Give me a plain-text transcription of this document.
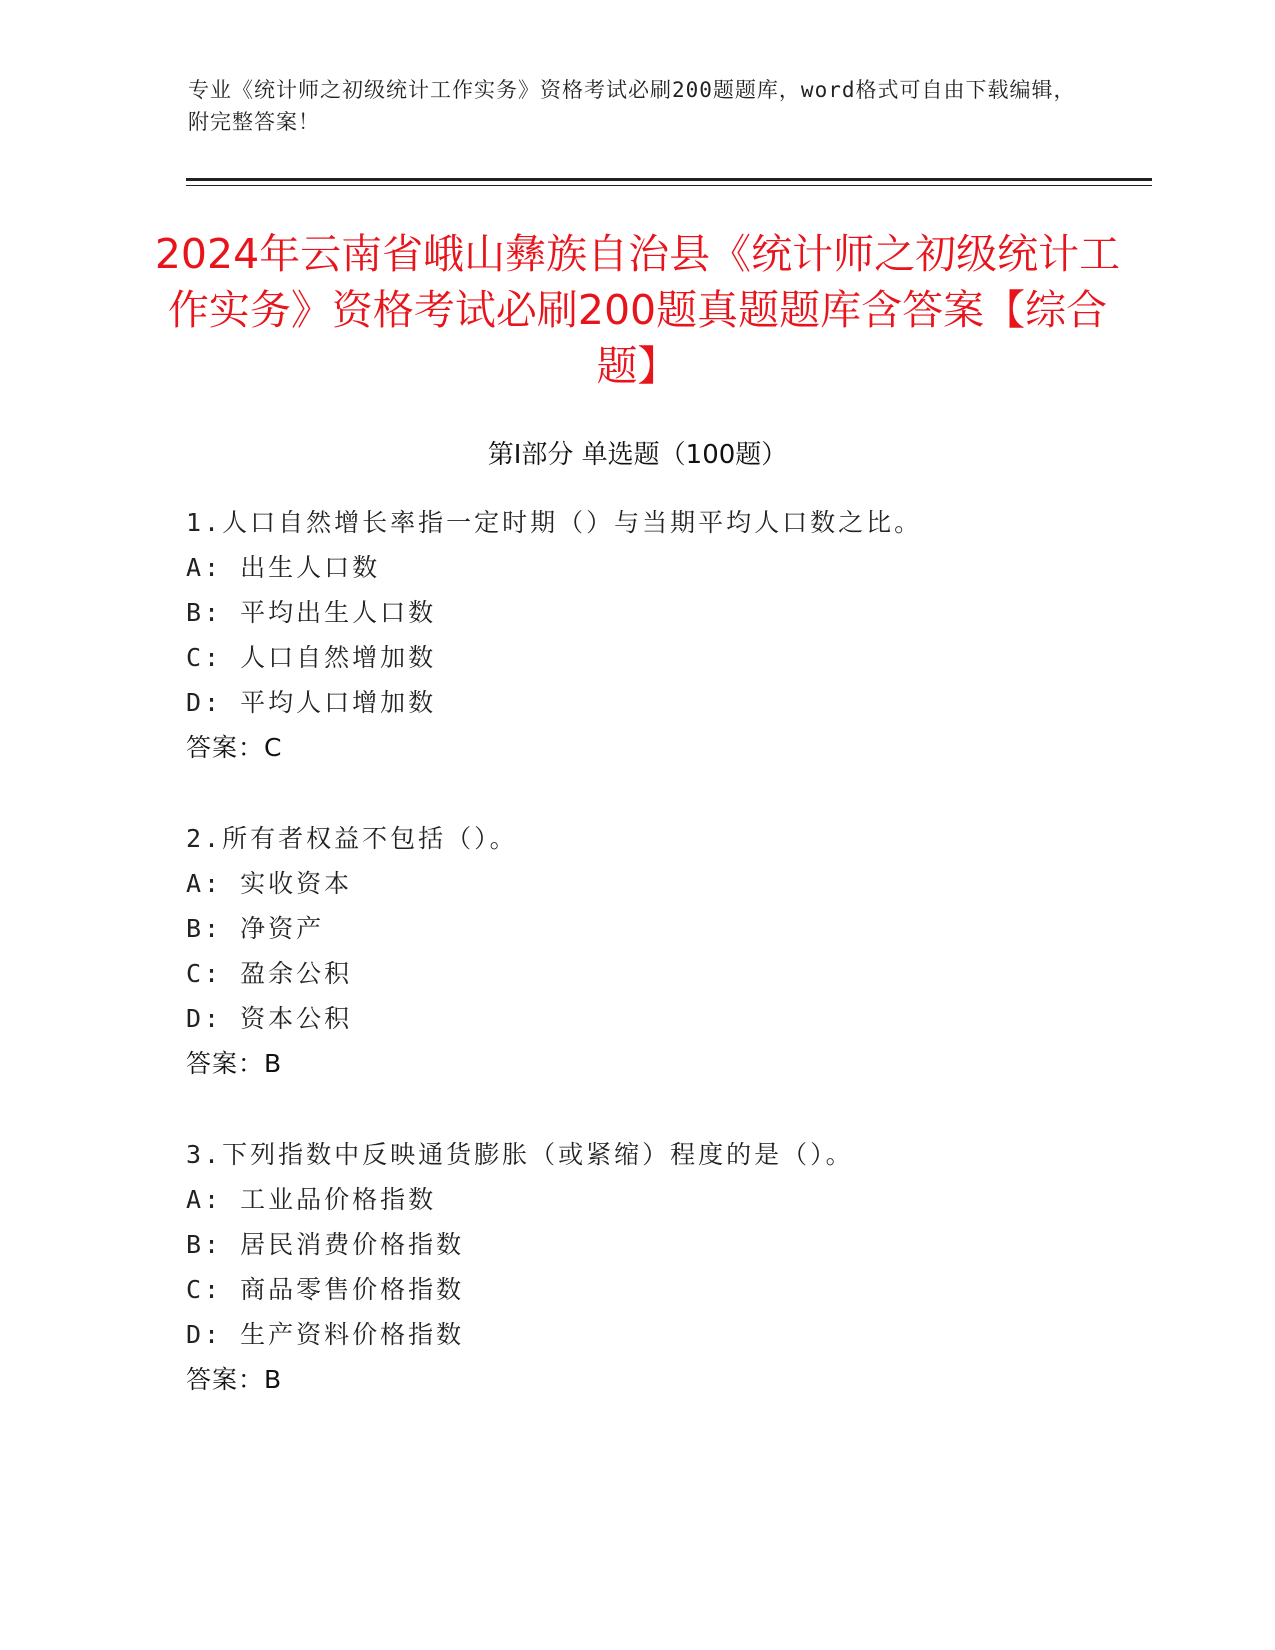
专业《统计师之初级统计工作实务》资格考试必刷200题题库，word格式可自由下载编辑，附完整答案！
2024年云南省峨山彝族自治县《统计师之初级统计工作实务》资格考试必刷200题真题题库含答案【综合题】
第I部分 单选题（100题）
1.人口自然增长率指一定时期（）与当期平均人口数之比。
A: 出生人口数
B: 平均出生人口数
C: 人口自然增加数
D: 平均人口增加数
答案：C
2.所有者权益不包括（）。
A: 实收资本
B: 净资产
C: 盈余公积
D: 资本公积
答案：B
3.下列指数中反映通货膨胀（或紧缩）程度的是（）。
A: 工业品价格指数
B: 居民消费价格指数
C: 商品零售价格指数
D: 生产资料价格指数
答案：B
